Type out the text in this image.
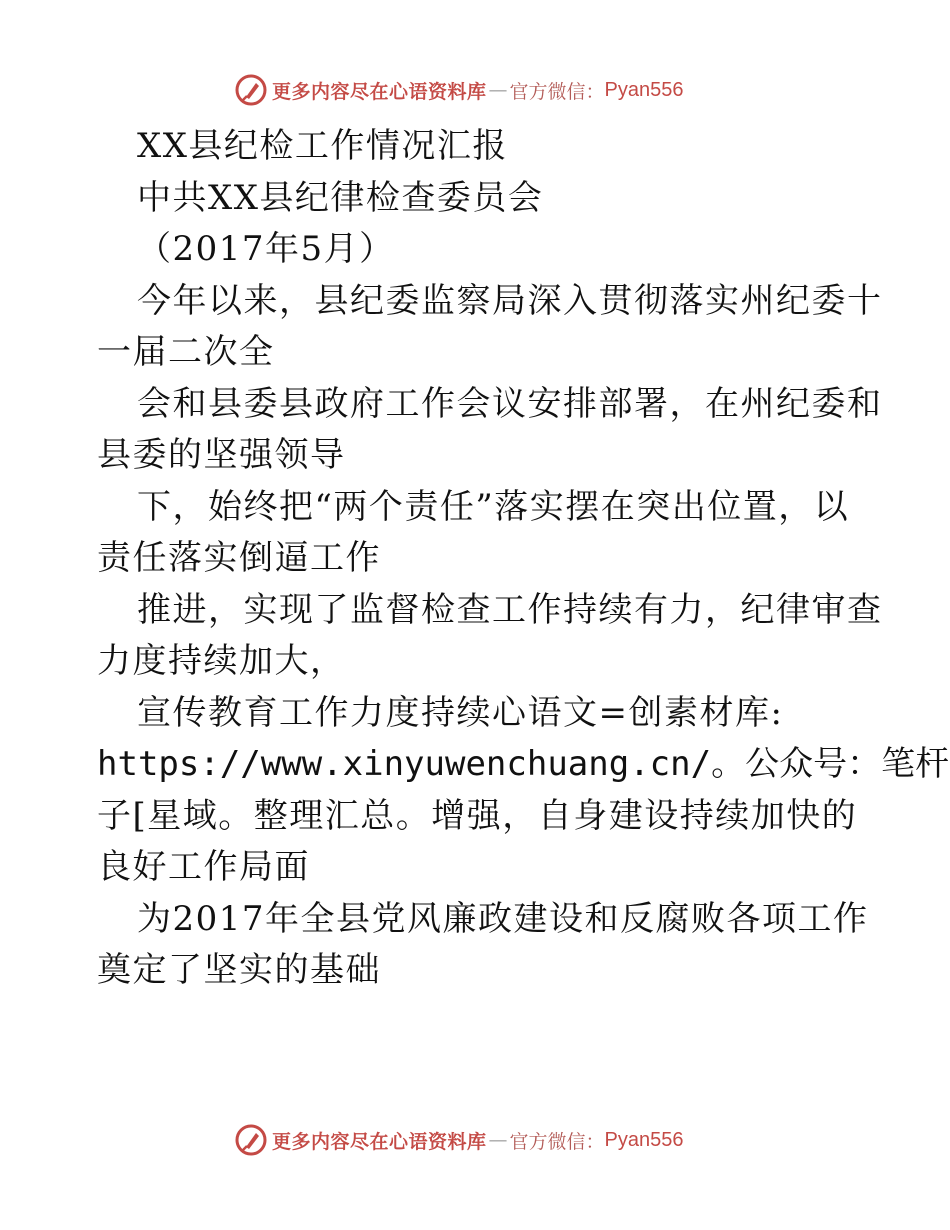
更多内容尽在心语资料库 — 官方微信： Pyan556
XX县纪检工作情况汇报
中共XX县纪律检查委员会
（2017年5月）
今年以来，县纪委监察局深入贯彻落实州纪委十
一届二次全
会和县委县政府工作会议安排部署，在州纪委和
县委的坚强领导
下，始终把“两个责任”落实摆在突出位置，以
责任落实倒逼工作
推进，实现了监督检查工作持续有力，纪律审查
力度持续加大，
宣传教育工作力度持续心语文=创素材库:
https://www.xinyuwenchuang.cn/。公众号：笔杆
子[星域。整理汇总。增强，自身建设持续加快的
良好工作局面
为2017年全县党风廉政建设和反腐败各项工作
奠定了坚实的基础
更多内容尽在心语资料库 — 官方微信： Pyan556
